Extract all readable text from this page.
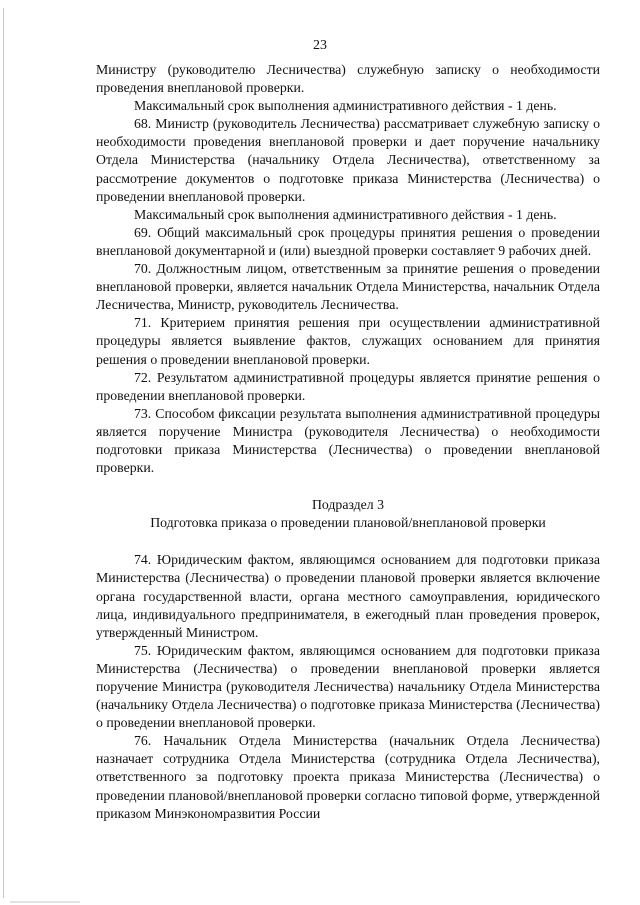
23

Министру (руководителю Лесничества) служебную записку о необходимости проведения внеплановой проверки.

Максимальный срок выполнения административного действия - 1 день.

68. Министр (руководитель Лесничества) рассматривает служебную записку о необходимости проведения внеплановой проверки и дает поручение начальнику Отдела Министерства (начальнику Отдела Лесничества), ответственному за рассмотрение документов о подготовке приказа Министерства (Лесничества) о проведении внеплановой проверки.

Максимальный срок выполнения административного действия - 1 день.

69. Общий максимальный срок процедуры принятия решения о проведении внеплановой документарной и (или) выездной проверки составляет 9 рабочих дней.

70. Должностным лицом, ответственным за принятие решения о проведении внеплановой проверки, является начальник Отдела Министерства, начальник Отдела Лесничества, Министр, руководитель Лесничества.

71. Критерием принятия решения при осуществлении административной процедуры является выявление фактов, служащих основанием для принятия решения о проведении внеплановой проверки.

72. Результатом административной процедуры является принятие решения о проведении внеплановой проверки.

73. Способом фиксации результата выполнения административной процедуры является поручение Министра (руководителя Лесничества) о необходимости подготовки приказа Министерства (Лесничества) о проведении внеплановой проверки.

Подраздел 3
Подготовка приказа о проведении плановой/внеплановой проверки

74. Юридическим фактом, являющимся основанием для подготовки приказа Министерства (Лесничества) о проведении плановой проверки является включение органа государственной власти, органа местного самоуправления, юридического лица, индивидуального предпринимателя, в ежегодный план проведения проверок, утвержденный Министром.

75. Юридическим фактом, являющимся основанием для подготовки приказа Министерства (Лесничества) о проведении внеплановой проверки является поручение Министра (руководителя Лесничества) начальнику Отдела Министерства (начальнику Отдела Лесничества) о подготовке приказа Министерства (Лесничества) о проведении внеплановой проверки.

76. Начальник Отдела Министерства (начальник Отдела Лесничества) назначает сотрудника Отдела Министерства (сотрудника Отдела Лесничества), ответственного за подготовку проекта приказа Министерства (Лесничества) о проведении плановой/внеплановой проверки согласно типовой форме, утвержденной приказом Минэкономразвития России
